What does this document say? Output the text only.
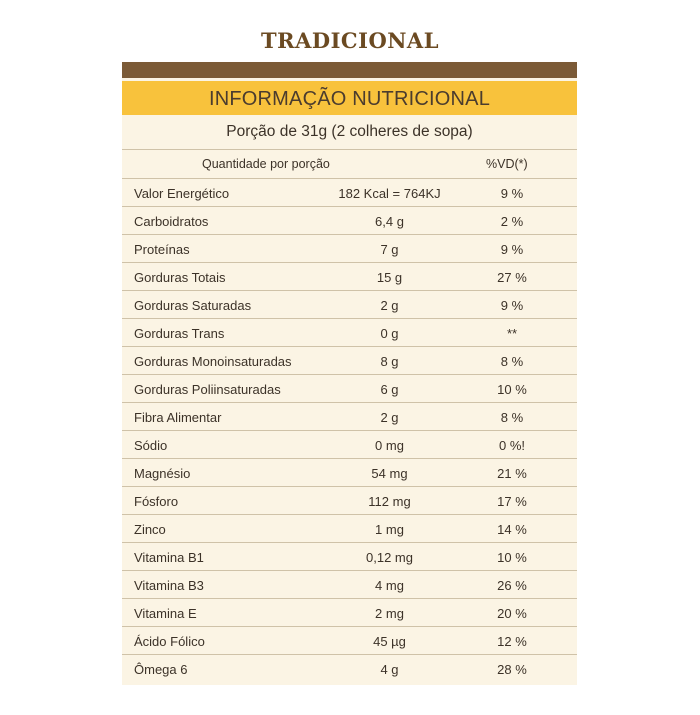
TRADICIONAL
INFORMAÇÃO NUTRICIONAL
Porção de 31g (2 colheres de sopa)
Quantidade por porção	%VD(*)
Valor Energético	182 Kcal = 764KJ	9 %
Carboidratos	6,4 g	2 %
Proteínas	7 g	9 %
Gorduras Totais	15 g	27 %
Gorduras Saturadas	2 g	9 %
Gorduras Trans	0 g	**
Gorduras Monoinsaturadas	8 g	8 %
Gorduras Poliinsaturadas	6 g	10 %
Fibra Alimentar	2 g	8 %
Sódio	0 mg	0 %!
Magnésio	54 mg	21 %
Fósforo	112 mg	17 %
Zinco	1 mg	14 %
Vitamina B1	0,12 mg	10 %
Vitamina B3	4 mg	26 %
Vitamina E	2 mg	20 %
Ácido Fólico	45 µg	12 %
Ômega 6	4 g	28 %
